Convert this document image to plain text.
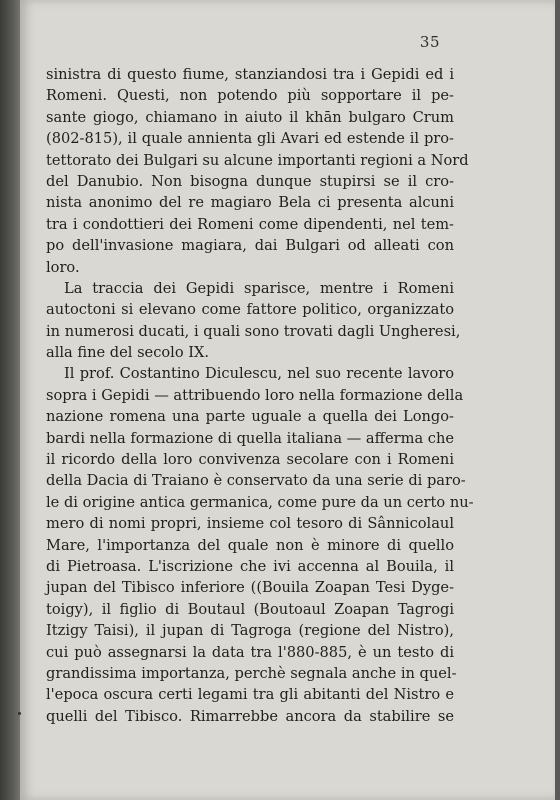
35
sinistra di questo fiume, stanziandosi tra i Gepidi ed i
Romeni. Questi, non potendo più sopportare il pe-
sante giogo, chiamano in aiuto il khān bulgaro Crum
(802-815), il quale annienta gli Avari ed estende il pro-
tettorato dei Bulgari su alcune importanti regioni a Nord
del Danubio. Non bisogna dunque stupirsi se il cro-
nista anonimo del re magiaro Bela ci presenta alcuni
tra i condottieri dei Romeni come dipendenti, nel tem-
po dell'invasione magiara, dai Bulgari od alleati con
loro.
La traccia dei Gepidi sparisce, mentre i Romeni
autoctoni si elevano come fattore politico, organizzato
in numerosi ducati, i quali sono trovati dagli Ungheresi,
alla fine del secolo IX.
Il prof. Costantino Diculescu, nel suo recente lavoro
sopra i Gepidi — attribuendo loro nella formazione della
nazione romena una parte uguale a quella dei Longo-
bardi nella formazione di quella italiana — afferma che
il ricordo della loro convivenza secolare con i Romeni
della Dacia di Traiano è conservato da una serie di paro-
le di origine antica germanica, come pure da un certo nu-
mero di nomi propri, insieme col tesoro di Sânnicolaul
Mare, l'importanza del quale non è minore di quello
di Pietroasa. L'iscrizione che ivi accenna al Bouila, il
jupan del Tibisco inferiore ((Bouila Zoapan Tesi Dyge-
toigy), il figlio di Boutaul (Boutoaul Zoapan Tagrogi
Itzigy Taisi), il jupan di Tagroga (regione del Nistro),
cui può assegnarsi la data tra l'880-885, è un testo di
grandissima importanza, perchè segnala anche in quel-
l'epoca oscura certi legami tra gli abitanti del Nistro e
quelli del Tibisco. Rimarrebbe ancora da stabilire se
